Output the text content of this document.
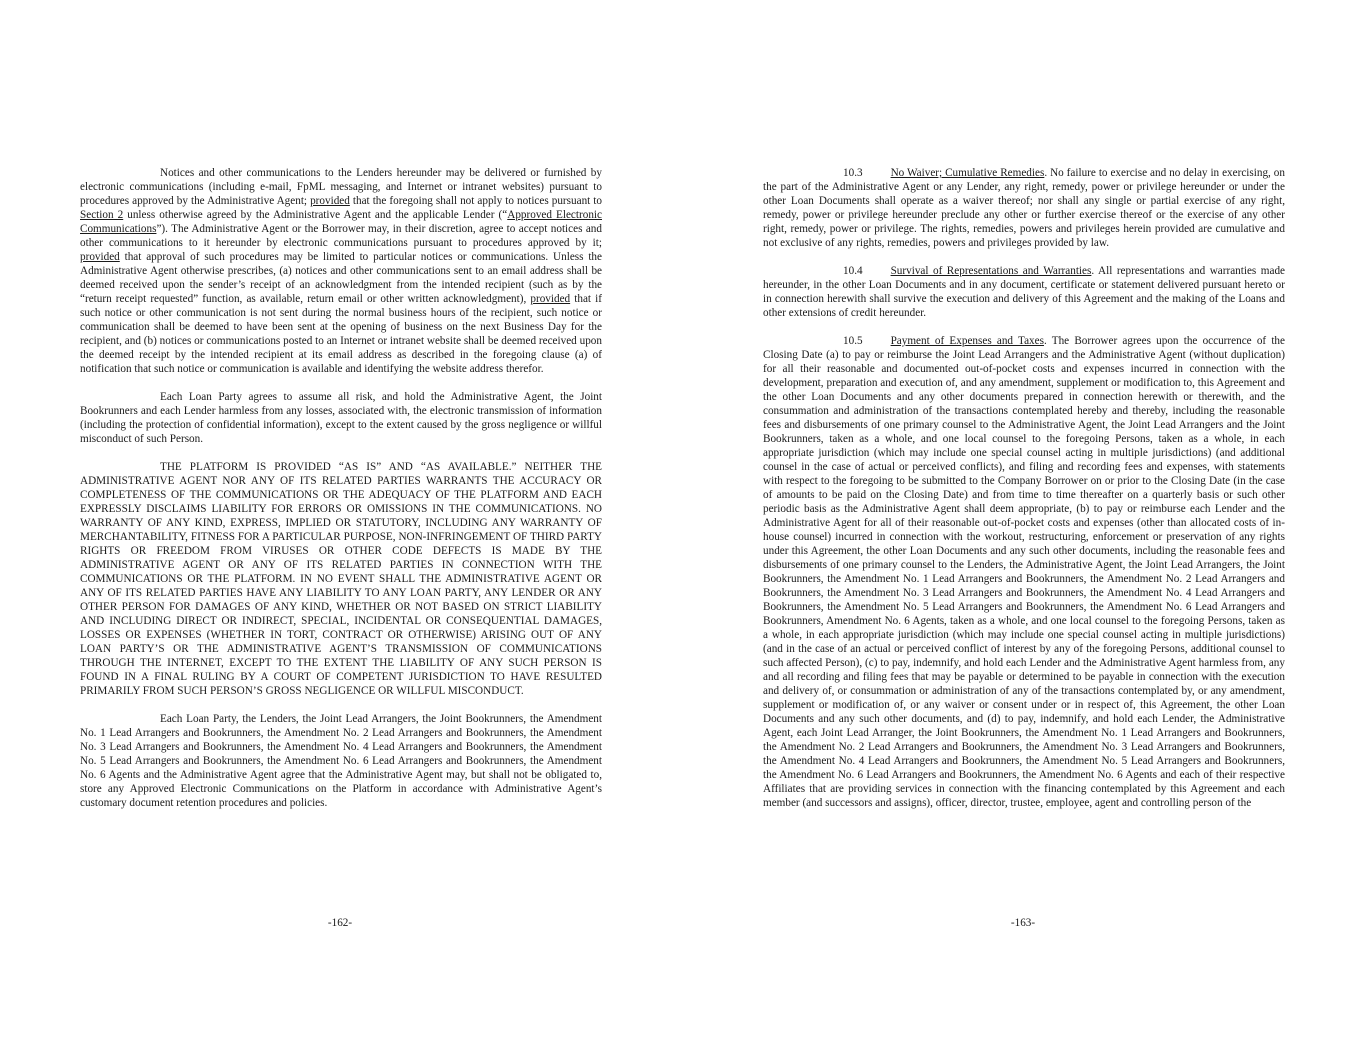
Notices and other communications to the Lenders hereunder may be delivered or furnished by electronic communications (including e-mail, FpML messaging, and Internet or intranet websites) pursuant to procedures approved by the Administrative Agent; provided that the foregoing shall not apply to notices pursuant to Section 2 unless otherwise agreed by the Administrative Agent and the applicable Lender (“Approved Electronic Communications”). The Administrative Agent or the Borrower may, in their discretion, agree to accept notices and other communications to it hereunder by electronic communications pursuant to procedures approved by it; provided that approval of such procedures may be limited to particular notices or communications. Unless the Administrative Agent otherwise prescribes, (a) notices and other communications sent to an email address shall be deemed received upon the sender’s receipt of an acknowledgment from the intended recipient (such as by the “return receipt requested” function, as available, return email or other written acknowledgment), provided that if such notice or other communication is not sent during the normal business hours of the recipient, such notice or communication shall be deemed to have been sent at the opening of business on the next Business Day for the recipient, and (b) notices or communications posted to an Internet or intranet website shall be deemed received upon the deemed receipt by the intended recipient at its email address as described in the foregoing clause (a) of notification that such notice or communication is available and identifying the website address therefor.

Each Loan Party agrees to assume all risk, and hold the Administrative Agent, the Joint Bookrunners and each Lender harmless from any losses, associated with, the electronic transmission of information (including the protection of confidential information), except to the extent caused by the gross negligence or willful misconduct of such Person.

THE PLATFORM IS PROVIDED “AS IS” AND “AS AVAILABLE.” NEITHER THE ADMINISTRATIVE AGENT NOR ANY OF ITS RELATED PARTIES WARRANTS THE ACCURACY OR COMPLETENESS OF THE COMMUNICATIONS OR THE ADEQUACY OF THE PLATFORM AND EACH EXPRESSLY DISCLAIMS LIABILITY FOR ERRORS OR OMISSIONS IN THE COMMUNICATIONS. NO WARRANTY OF ANY KIND, EXPRESS, IMPLIED OR STATUTORY, INCLUDING ANY WARRANTY OF MERCHANTABILITY, FITNESS FOR A PARTICULAR PURPOSE, NON-INFRINGEMENT OF THIRD PARTY RIGHTS OR FREEDOM FROM VIRUSES OR OTHER CODE DEFECTS IS MADE BY THE ADMINISTRATIVE AGENT OR ANY OF ITS RELATED PARTIES IN CONNECTION WITH THE COMMUNICATIONS OR THE PLATFORM. IN NO EVENT SHALL THE ADMINISTRATIVE AGENT OR ANY OF ITS RELATED PARTIES HAVE ANY LIABILITY TO ANY LOAN PARTY, ANY LENDER OR ANY OTHER PERSON FOR DAMAGES OF ANY KIND, WHETHER OR NOT BASED ON STRICT LIABILITY AND INCLUDING DIRECT OR INDIRECT, SPECIAL, INCIDENTAL OR CONSEQUENTIAL DAMAGES, LOSSES OR EXPENSES (WHETHER IN TORT, CONTRACT OR OTHERWISE) ARISING OUT OF ANY LOAN PARTY’S OR THE ADMINISTRATIVE AGENT’S TRANSMISSION OF COMMUNICATIONS THROUGH THE INTERNET, EXCEPT TO THE EXTENT THE LIABILITY OF ANY SUCH PERSON IS FOUND IN A FINAL RULING BY A COURT OF COMPETENT JURISDICTION TO HAVE RESULTED PRIMARILY FROM SUCH PERSON’S GROSS NEGLIGENCE OR WILLFUL MISCONDUCT.

Each Loan Party, the Lenders, the Joint Lead Arrangers, the Joint Bookrunners, the Amendment No. 1 Lead Arrangers and Bookrunners, the Amendment No. 2 Lead Arrangers and Bookrunners, the Amendment No. 3 Lead Arrangers and Bookrunners, the Amendment No. 4 Lead Arrangers and Bookrunners, the Amendment No. 5 Lead Arrangers and Bookrunners, the Amendment No. 6 Lead Arrangers and Bookrunners, the Amendment No. 6 Agents and the Administrative Agent agree that the Administrative Agent may, but shall not be obligated to, store any Approved Electronic Communications on the Platform in accordance with Administrative Agent’s customary document retention procedures and policies.

10.3	No Waiver; Cumulative Remedies. No failure to exercise and no delay in exercising, on the part of the Administrative Agent or any Lender, any right, remedy, power or privilege hereunder or under the other Loan Documents shall operate as a waiver thereof; nor shall any single or partial exercise of any right, remedy, power or privilege hereunder preclude any other or further exercise thereof or the exercise of any other right, remedy, power or privilege. The rights, remedies, powers and privileges herein provided are cumulative and not exclusive of any rights, remedies, powers and privileges provided by law.

10.4	Survival of Representations and Warranties. All representations and warranties made hereunder, in the other Loan Documents and in any document, certificate or statement delivered pursuant hereto or in connection herewith shall survive the execution and delivery of this Agreement and the making of the Loans and other extensions of credit hereunder.

10.5	Payment of Expenses and Taxes. The Borrower agrees upon the occurrence of the Closing Date (a) to pay or reimburse the Joint Lead Arrangers and the Administrative Agent (without duplication) for all their reasonable and documented out-of-pocket costs and expenses incurred in connection with the development, preparation and execution of, and any amendment, supplement or modification to, this Agreement and the other Loan Documents and any other documents prepared in connection herewith or therewith, and the consummation and administration of the transactions contemplated hereby and thereby, including the reasonable fees and disbursements of one primary counsel to the Administrative Agent, the Joint Lead Arrangers and the Joint Bookrunners, taken as a whole, and one local counsel to the foregoing Persons, taken as a whole, in each appropriate jurisdiction (which may include one special counsel acting in multiple jurisdictions) (and additional counsel in the case of actual or perceived conflicts), and filing and recording fees and expenses, with statements with respect to the foregoing to be submitted to the Company Borrower on or prior to the Closing Date (in the case of amounts to be paid on the Closing Date) and from time to time thereafter on a quarterly basis or such other periodic basis as the Administrative Agent shall deem appropriate, (b) to pay or reimburse each Lender and the Administrative Agent for all of their reasonable out-of-pocket costs and expenses (other than allocated costs of in-house counsel) incurred in connection with the workout, restructuring, enforcement or preservation of any rights under this Agreement, the other Loan Documents and any such other documents, including the reasonable fees and disbursements of one primary counsel to the Lenders, the Administrative Agent, the Joint Lead Arrangers, the Joint Bookrunners, the Amendment No. 1 Lead Arrangers and Bookrunners, the Amendment No. 2 Lead Arrangers and Bookrunners, the Amendment No. 3 Lead Arrangers and Bookrunners, the Amendment No. 4 Lead Arrangers and Bookrunners, the Amendment No. 5 Lead Arrangers and Bookrunners, the Amendment No. 6 Lead Arrangers and Bookrunners, Amendment No. 6 Agents, taken as a whole, and one local counsel to the foregoing Persons, taken as a whole, in each appropriate jurisdiction (which may include one special counsel acting in multiple jurisdictions) (and in the case of an actual or perceived conflict of interest by any of the foregoing Persons, additional counsel to such affected Person), (c) to pay, indemnify, and hold each Lender and the Administrative Agent harmless from, any and all recording and filing fees that may be payable or determined to be payable in connection with the execution and delivery of, or consummation or administration of any of the transactions contemplated by, or any amendment, supplement or modification of, or any waiver or consent under or in respect of, this Agreement, the other Loan Documents and any such other documents, and (d) to pay, indemnify, and hold each Lender, the Administrative Agent, each Joint Lead Arranger, the Joint Bookrunners, the Amendment No. 1 Lead Arrangers and Bookrunners, the Amendment No. 2 Lead Arrangers and Bookrunners, the Amendment No. 3 Lead Arrangers and Bookrunners, the Amendment No. 4 Lead Arrangers and Bookrunners, the Amendment No. 5 Lead Arrangers and Bookrunners, the Amendment No. 6 Lead Arrangers and Bookrunners, the Amendment No. 6 Agents and each of their respective Affiliates that are providing services in connection with the financing contemplated by this Agreement and each member (and successors and assigns), officer, director, trustee, employee, agent and controlling person of the

-162-	-163-
